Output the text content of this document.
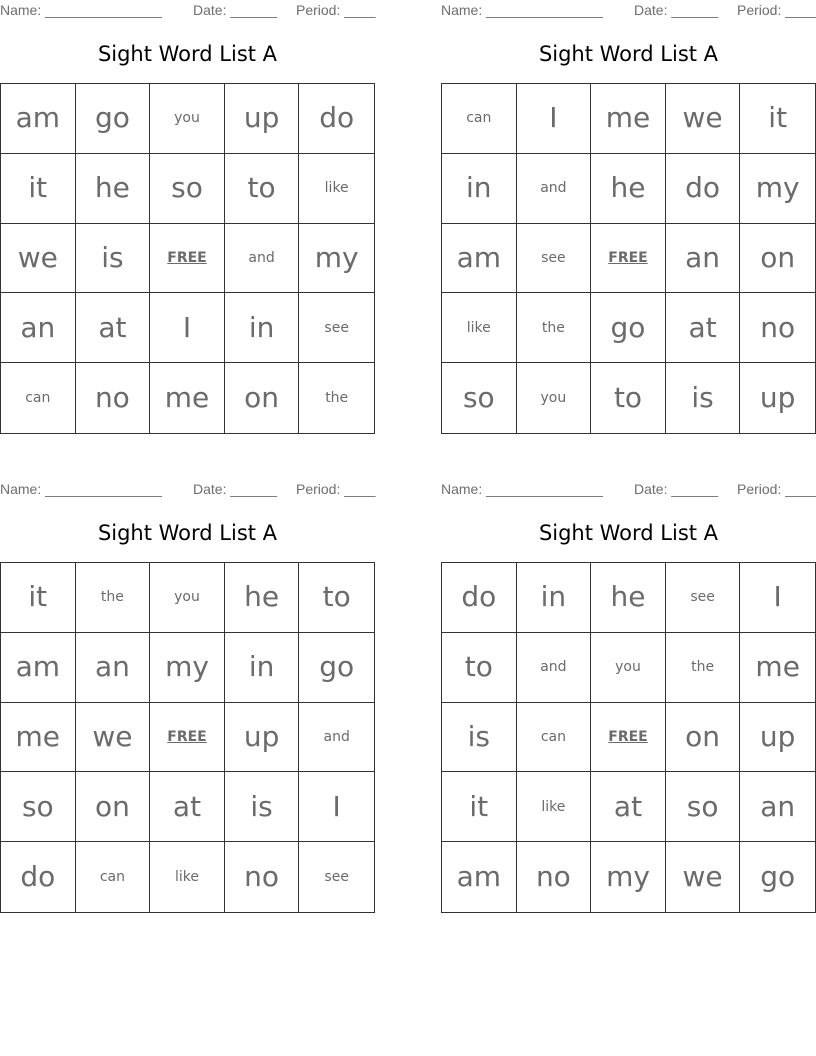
Name: _______________ Date: ______ Period: ____
Sight Word List A
am	go	you	up	do
it	he	so	to	like
we	is	FREE	and	my
an	at	I	in	see
can	no	me	on	the
Name: _______________ Date: ______ Period: ____
Sight Word List A
can	I	me	we	it
in	and	he	do	my
am	see	FREE	an	on
like	the	go	at	no
so	you	to	is	up
Name: _______________ Date: ______ Period: ____
Sight Word List A
it	the	you	he	to
am	an	my	in	go
me	we	FREE	up	and
so	on	at	is	I
do	can	like	no	see
Name: _______________ Date: ______ Period: ____
Sight Word List A
do	in	he	see	I
to	and	you	the	me
is	can	FREE	on	up
it	like	at	so	an
am	no	my	we	go
